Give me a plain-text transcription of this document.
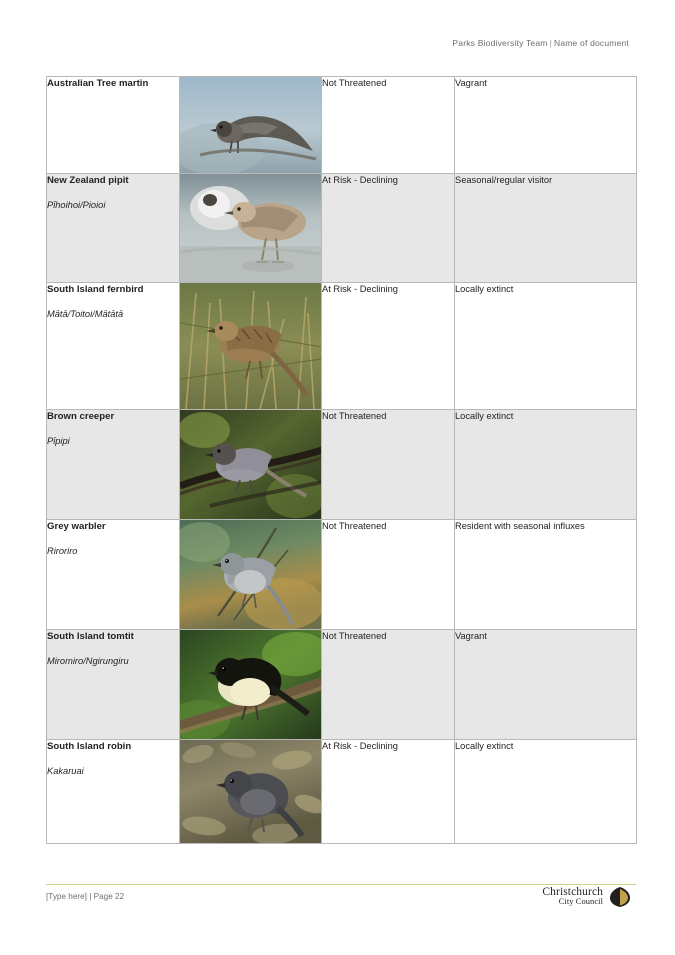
Parks Biodiversity Team | Name of document
Australian Tree martin		Not Threatened	Vagrant

New Zealand pipit
Pīhoihoi/Pioioi		At Risk - Declining	Seasonal/regular visitor

South Island fernbird
Mātā/Toitoi/Mātātā		At Risk - Declining	Locally extinct

Brown creeper
Pīpipi		Not Threatened	Locally extinct

Grey warbler
Riroriro		Not Threatened	Resident with seasonal influxes

South Island tomtit
Miromiro/Ngirungiru		Not Threatened	Vagrant

South Island robin
Kakaruai		At Risk - Declining	Locally extinct
[Type here] | Page 22	Christchurch
City Council
